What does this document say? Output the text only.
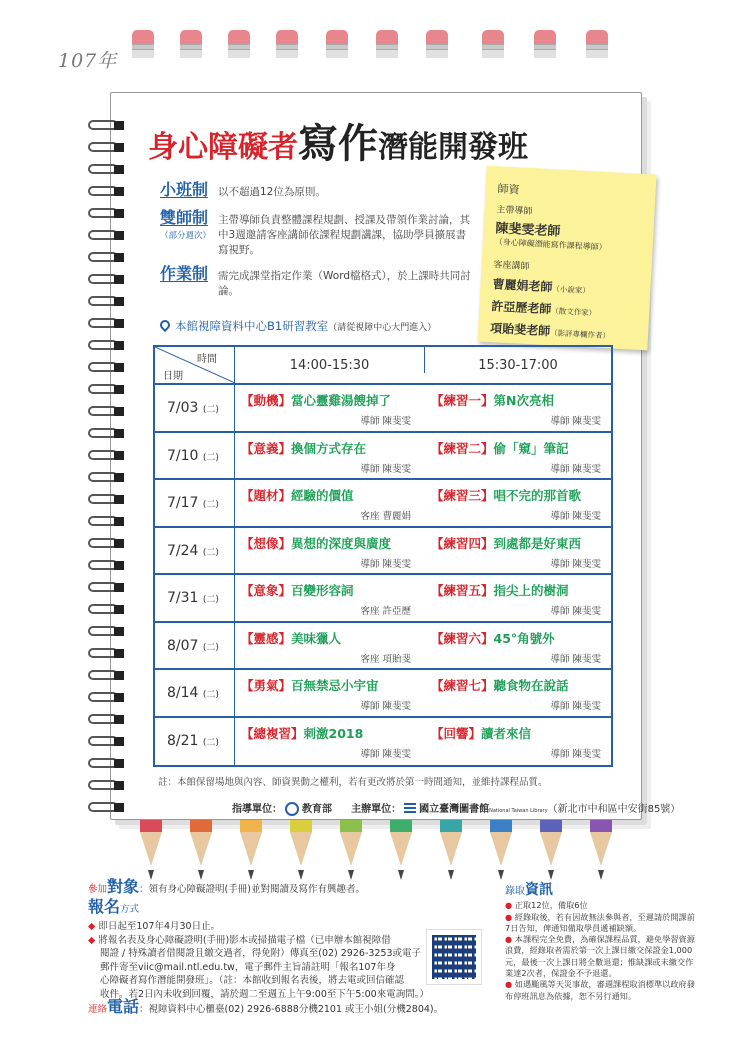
107年
身心障礙者寫作潛能開發班
小班制 以不超過12位為原則。
雙師制
（部分週次）
主帶導師負責整體課程規劃、授課及帶領作業討論，其中3週邀請客座講師依課程規劃講課，協助學員擴展書寫視野。
作業制 需完成課堂指定作業（Word檔格式），於上課時共同討論。
師資
主帶導師
陳斐雯老師
（身心障礙潛能寫作課程導師）
客座講師
曹麗娟老師（小說家）
許亞歷老師（散文作家）
項貽斐老師（影評專欄作者）
本館視障資料中心B1研習教室（請從視障中心大門進入）
時間
日期
14:00-15:30	15:30-17:00
7/03 (二)
【動機】當心靈雞湯餿掉了
導師 陳斐雯
【練習一】第N次亮相
導師 陳斐雯
7/10 (二)
【意義】換個方式存在
導師 陳斐雯
【練習二】偷「窺」筆記
導師 陳斐雯
7/17 (二)
【題材】經驗的價值
客座 曹麗娟
【練習三】唱不完的那首歌
導師 陳斐雯
7/24 (二)
【想像】異想的深度與廣度
導師 陳斐雯
【練習四】到處都是好東西
導師 陳斐雯
7/31 (二)
【意象】百變形容詞
客座 許亞歷
【練習五】指尖上的樹洞
導師 陳斐雯
8/07 (二)
【靈感】美味獵人
客座 項貽斐
【練習六】45°角號外
導師 陳斐雯
8/14 (二)
【勇氣】百無禁忌小宇宙
導師 陳斐雯
【練習七】聽食物在說話
導師 陳斐雯
8/21 (二)
【總複習】刺激2018
導師 陳斐雯
【回響】讀者來信
導師 陳斐雯
註：本館保留場地與內容、師資異動之權利，若有更改將於第一時間通知，並維持課程品質。
指導單位： 教育部 主辦單位： 國立臺灣圖書館National Taiwan Library（新北市中和區中安街85號）
參加對象：領有身心障礙證明(手冊)並對閱讀及寫作有興趣者。
報名方式
◆ 即日起至107年4月30日止。
◆ 將報名表及身心障礙證明(手冊)影本或掃描電子檔（已申辦本館視障借
閱證 / 特殊讀者借閱證且繳交過者，得免附）傳真至(02) 2926-3253或電子
郵件寄至viic@mail.ntl.edu.tw，電子郵件主旨請註明「報名107年身
心障礙者寫作潛能開發班」。（註：本館收到報名表後，將去電或回信確認
收件。若2日內未收到回覆，請於週二至週五上午9:00至下午5:00來電詢問。）
連絡電話：視障資料中心櫃臺(02) 2926-6888分機2101 或王小姐(分機2804)。
錄取資訊
● 正取12位，備取6位
● 經錄取後，若有因故無法參與者，至遲請於開課前7日告知，俾通知備取學員遞補缺額。
● 本課程完全免費，為確保課程品質，避免學習資源浪費，經錄取者需於第一次上課日繳交保證金1,000元，最後一次上課日將全數退還；惟缺課或未繳交作業達2次者，保證金不予退還。
● 如遇颱風等天災事故，審週課程取消標準以政府發布停班訊息為依據，恕不另行通知。
